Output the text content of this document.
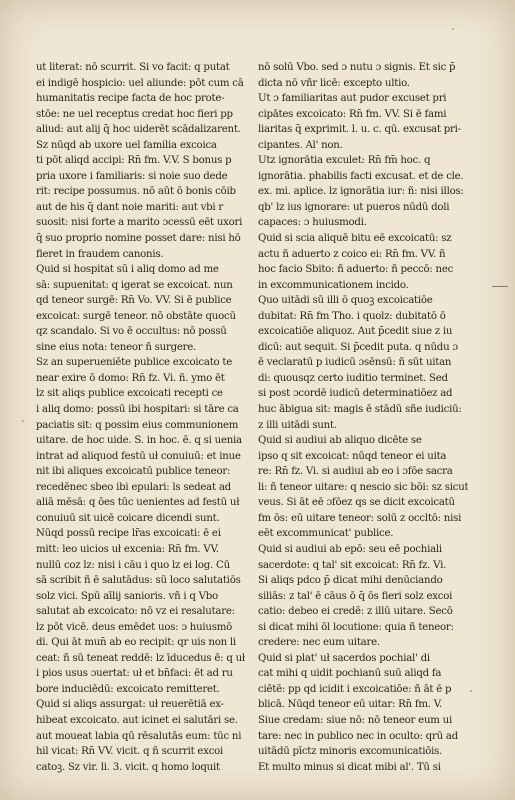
ut literat: nō scurrit. Si vo facit: q putat
ei indigē hospicio: uel aliunde: pōt cum cā
humanitatis recipe facta de hoc prote-
stōe: ne uel receptus credat hoc fieri pp
aliud: aut alij q̄ hoc uiderēt scādalizarent.
Sz nūqd ab uxore uel familia excoica
ti pōt aliqd accipi: Rn̄ fm. V.V. S bonus p
pria uxore i familiaris: si noie suo dede
rit: recipe possumus. nō aūt ō bonis cōib
aut de his q̄ dant noie mariti: aut vbi r
suosit: nisi forte a marito ɔcessū eēt uxori
q̄ suo proprio nomine posset dare: nisi hō
fieret in fraudem canonis.
Quid si hospitat sū i aliq domo ad me
sā: supuenitat: q igerat se excoicat. nun
qd teneor surgē: Rn̄ Vo. VV. Si ē publice
excoicat: surgē teneor. nō obstāte quocū
qz scandalo. Si vo ē occultus: nō possū
sine eius nota: teneor ñ surgere.
Sz an superueniēte publice excoicato te
near exire ō domo: Rn̄ fz. Vi. ñ. ymo ēt
lz sit aliqs publice excoicati recepti ce
i aliq domo: possū ibi hospitari: si tāre ca
paciatis sit: q possim eius communionem
uitare. de hoc uide. S. in hoc. ē. q si uenia
intrat ad aliquod festū uł conuiuū: et inue
nit ibi aliques excoicatū publice teneor:
recedēnec sbeo ibi epulari: ls sedeat ad
aliā mēsā: q ōes tūc uenientes ad festū uł
conuiuū sit uicē coicare dicendi sunt.
Nūqd possū recipe lr̄as excoicati: ē ei
mitt: leo uicios uł excenia: Rn̄ fm. VV.
nullū coz lz: nisi i cāu i quo lz ei log. Cū
sā scribit ñ ē salutādus: sū loco salutatiōs
solz vici. Spū aīlij sanioris. vñ i q Vbo
salutat ab excoicato: nō vz ei resalutare:
lz pōt vicē. deus emēdet uos: ɔ huiusmō
di. Qui āt mun̄ ab eo recipit: qr uis non li
ceat: ñ sū teneat reddē: lz īducedus ē: q uł
i pios usus ɔuertat: uł et bn̄faci: ēt ad ru
bore induciēdū: excoicato remitteret.
Quid si aliqs assurgat: uł reuerētiā ex-
hibeat excoicato. aut icinet ei salutāri se.
aut moueat labia qū rēsalutās eum: tūc ni
hil vicat: Rn̄ VV. vicit. q ñ scurrit excoi
catoꝫ. Sz vir. li. 3. vicit. q homo loquit
nō solū Vbo. sed ɔ nutu ɔ signis. Et sic p̄
dicta nō vñr licē: excepto ultio.
Ut ɔ familiaritas aut pudor excuset pri
cipātes excoicato: Rn̄ fm. VV. Si ē fami
liaritas q̄ exprimit. l. u. c. qū. excusat pri-
cipantes. Al' non.
Utz ignorātia exculet: Rn̄ fm̄ hoc. q
ignorātia. phabilis facti excusat. et de cle.
ex. mi. aplice. lz ignorātia iur: ñ: nisi illos:
qb' lz ius ignorare: ut pueros nūdū doli
capaces: ɔ huiusmodi.
Quid si scia aliquē bitu eē excoicatū: sz
actu ñ aduerto z coico ei: Rn̄ fm. VV. ñ
hoc facio Sbito: ñ aduerto: ñ peccō: nec
in excommunicationem incido.
Quo uitādi sū illi ō quoꝫ excoicatiōe
dubitat: Rn̄ fm Tho. i quolz: dubitatō ō
excoicatiōe aliquoz. Aut p̄cedit siue z iu
dicū: aut sequit. Si p̄cedit puta. q nūdu ɔ
ē veclaratū p iudicū ɔsēnsū: ñ sūt uitan
di: quousqz certo iuditio terminet. Sed
si post ɔcordē iudicū determinatiōez ad
huc ābigua sit: magis ē stādū sñe iudiciū:
z illi uitādi sunt.
Quid si audiui ab aliquo dicēte se
ipso q sit excoicat: nūqd teneor ei uita
re: Rn̄ fz. Vi. si audiui ab eo i ɔfōe sacra
li: ñ teneor uitare: q nescio sic bōi: sz sicut
veus. Si āt eē ɔfōez qs se dicit excoicatū
fm ōs: eū uitare teneor: solū z occltō: nisi
eēt excommunicat' publice.
Quid si audiui ab epō: seu eē pochiali
sacerdote: q tal' sit excoicat: Rn̄ fz. Vi.
Si aliqs pdco p̄ dicat mihi denūciando
siliās: z tal' ē cāus ō q̄ ōs fieri solz excoi
catio: debeo ei credē: z illū uitare. Secō
si dicat mihi ōl locutione: quia ñ teneor:
credere: nec eum uitare.
Quid si plat' uł sacerdos pochial' di
cat mihi q uidit pochianū suū aliqd fa
ciētē: pp qd icidit i excoicatiōe: ñ āt ē p
blicā. Nūqd teneor eū uitar: Rn̄ fm. V.
Siue credam: siue nō: nō teneor eum ui
tare: nec in publico nec in oculto: qrū ad
uitādū pīctz minoris excomunicatiōis.
Et multo minus si dicat mibi al'. Tū si
